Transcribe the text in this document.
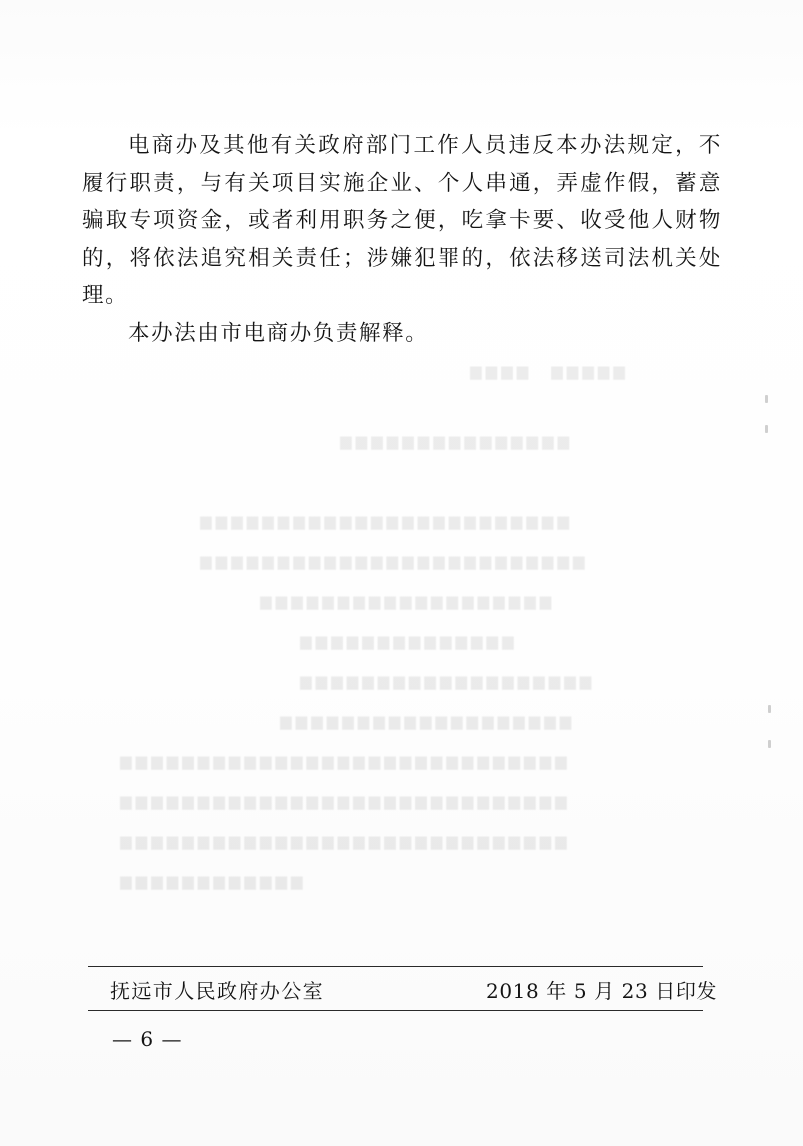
▆▆▆▆　▆▆▆▆▆
▆▆▆▆▆▆▆▆▆▆▆▆▆▆▆
▆▆▆▆▆▆▆▆▆▆▆▆▆▆▆▆▆▆▆▆▆▆▆▆
▆▆▆▆▆▆▆▆▆▆▆▆▆▆▆▆▆▆▆▆▆▆▆▆▆
▆▆▆▆▆▆▆▆▆▆▆▆▆▆▆▆▆▆▆
▆▆▆▆▆▆▆▆▆▆▆▆▆▆
▆▆▆▆▆▆▆▆▆▆▆▆▆▆▆▆▆▆▆
▆▆▆▆▆▆▆▆▆▆▆▆▆▆▆▆▆▆▆
▆▆▆▆▆▆▆▆▆▆▆▆▆▆▆▆▆▆▆▆▆▆▆▆▆▆▆▆▆
▆▆▆▆▆▆▆▆▆▆▆▆▆▆▆▆▆▆▆▆▆▆▆▆▆▆▆▆▆
▆▆▆▆▆▆▆▆▆▆▆▆▆▆▆▆▆▆▆▆▆▆▆▆▆▆▆▆▆
▆▆▆▆▆▆▆▆▆▆▆▆

电商办及其他有关政府部门工作人员违反本办法规定，不履行职责，与有关项目实施企业、个人串通，弄虚作假，蓄意骗取专项资金，或者利用职务之便，吃拿卡要、收受他人财物的，将依法追究相关责任；涉嫌犯罪的，依法移送司法机关处理。

本办法由市电商办负责解释。

抚远市人民政府办公室	2018 年 5 月 23 日印发
— 6 —
